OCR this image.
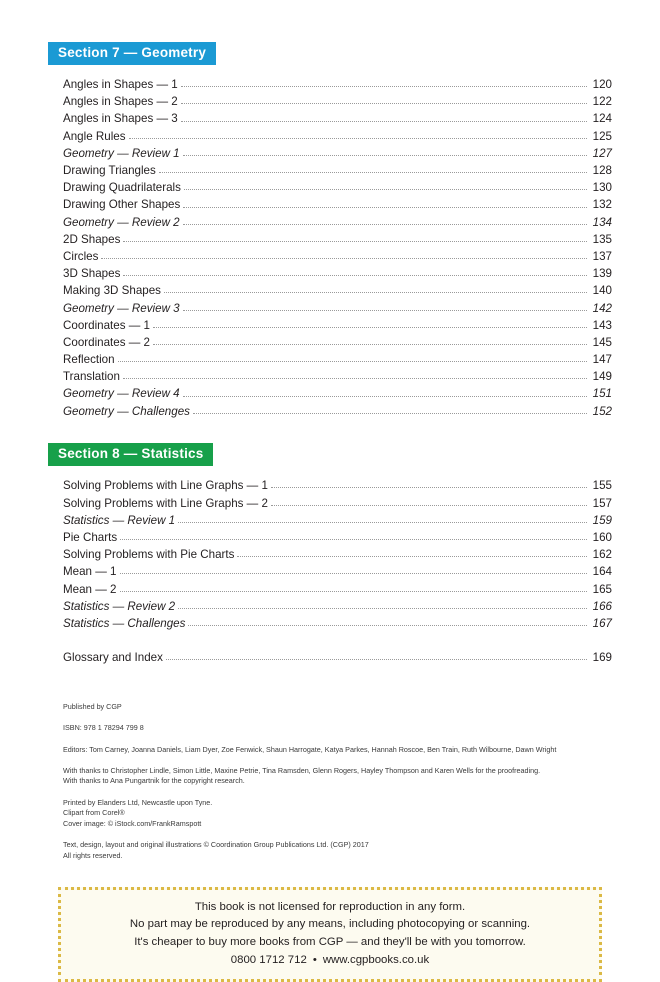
Section 7 — Geometry
Angles in Shapes — 1	120
Angles in Shapes — 2	122
Angles in Shapes — 3	124
Angle Rules	125
Geometry — Review 1	127
Drawing Triangles	128
Drawing Quadrilaterals	130
Drawing Other Shapes	132
Geometry — Review 2	134
2D Shapes	135
Circles	137
3D Shapes	139
Making 3D Shapes	140
Geometry — Review 3	142
Coordinates — 1	143
Coordinates — 2	145
Reflection	147
Translation	149
Geometry — Review 4	151
Geometry — Challenges	152
Section 8 — Statistics
Solving Problems with Line Graphs — 1	155
Solving Problems with Line Graphs — 2	157
Statistics — Review 1	159
Pie Charts	160
Solving Problems with Pie Charts	162
Mean — 1	164
Mean — 2	165
Statistics — Review 2	166
Statistics — Challenges	167
Glossary and Index	169

Published by CGP

ISBN: 978 1 78294 799 8

Editors: Tom Carney, Joanna Daniels, Liam Dyer, Zoe Fenwick, Shaun Harrogate, Katya Parkes, Hannah Roscoe, Ben Train, Ruth Wilbourne, Dawn Wright

With thanks to Christopher Lindle, Simon Little, Maxine Petrie, Tina Ramsden, Glenn Rogers, Hayley Thompson and Karen Wells for the proofreading.

With thanks to Ana Pungartnik for the copyright research.

Printed by Elanders Ltd, Newcastle upon Tyne.

Clipart from Corel®

Cover image: © iStock.com/FrankRamspott

Text, design, layout and original illustrations © Coordination Group Publications Ltd. (CGP) 2017

All rights reserved.

This book is not licensed for reproduction in any form.
No part may be reproduced by any means, including photocopying or scanning.
It's cheaper to buy more books from CGP — and they'll be with you tomorrow.
0800 1712 712 • www.cgpbooks.co.uk
